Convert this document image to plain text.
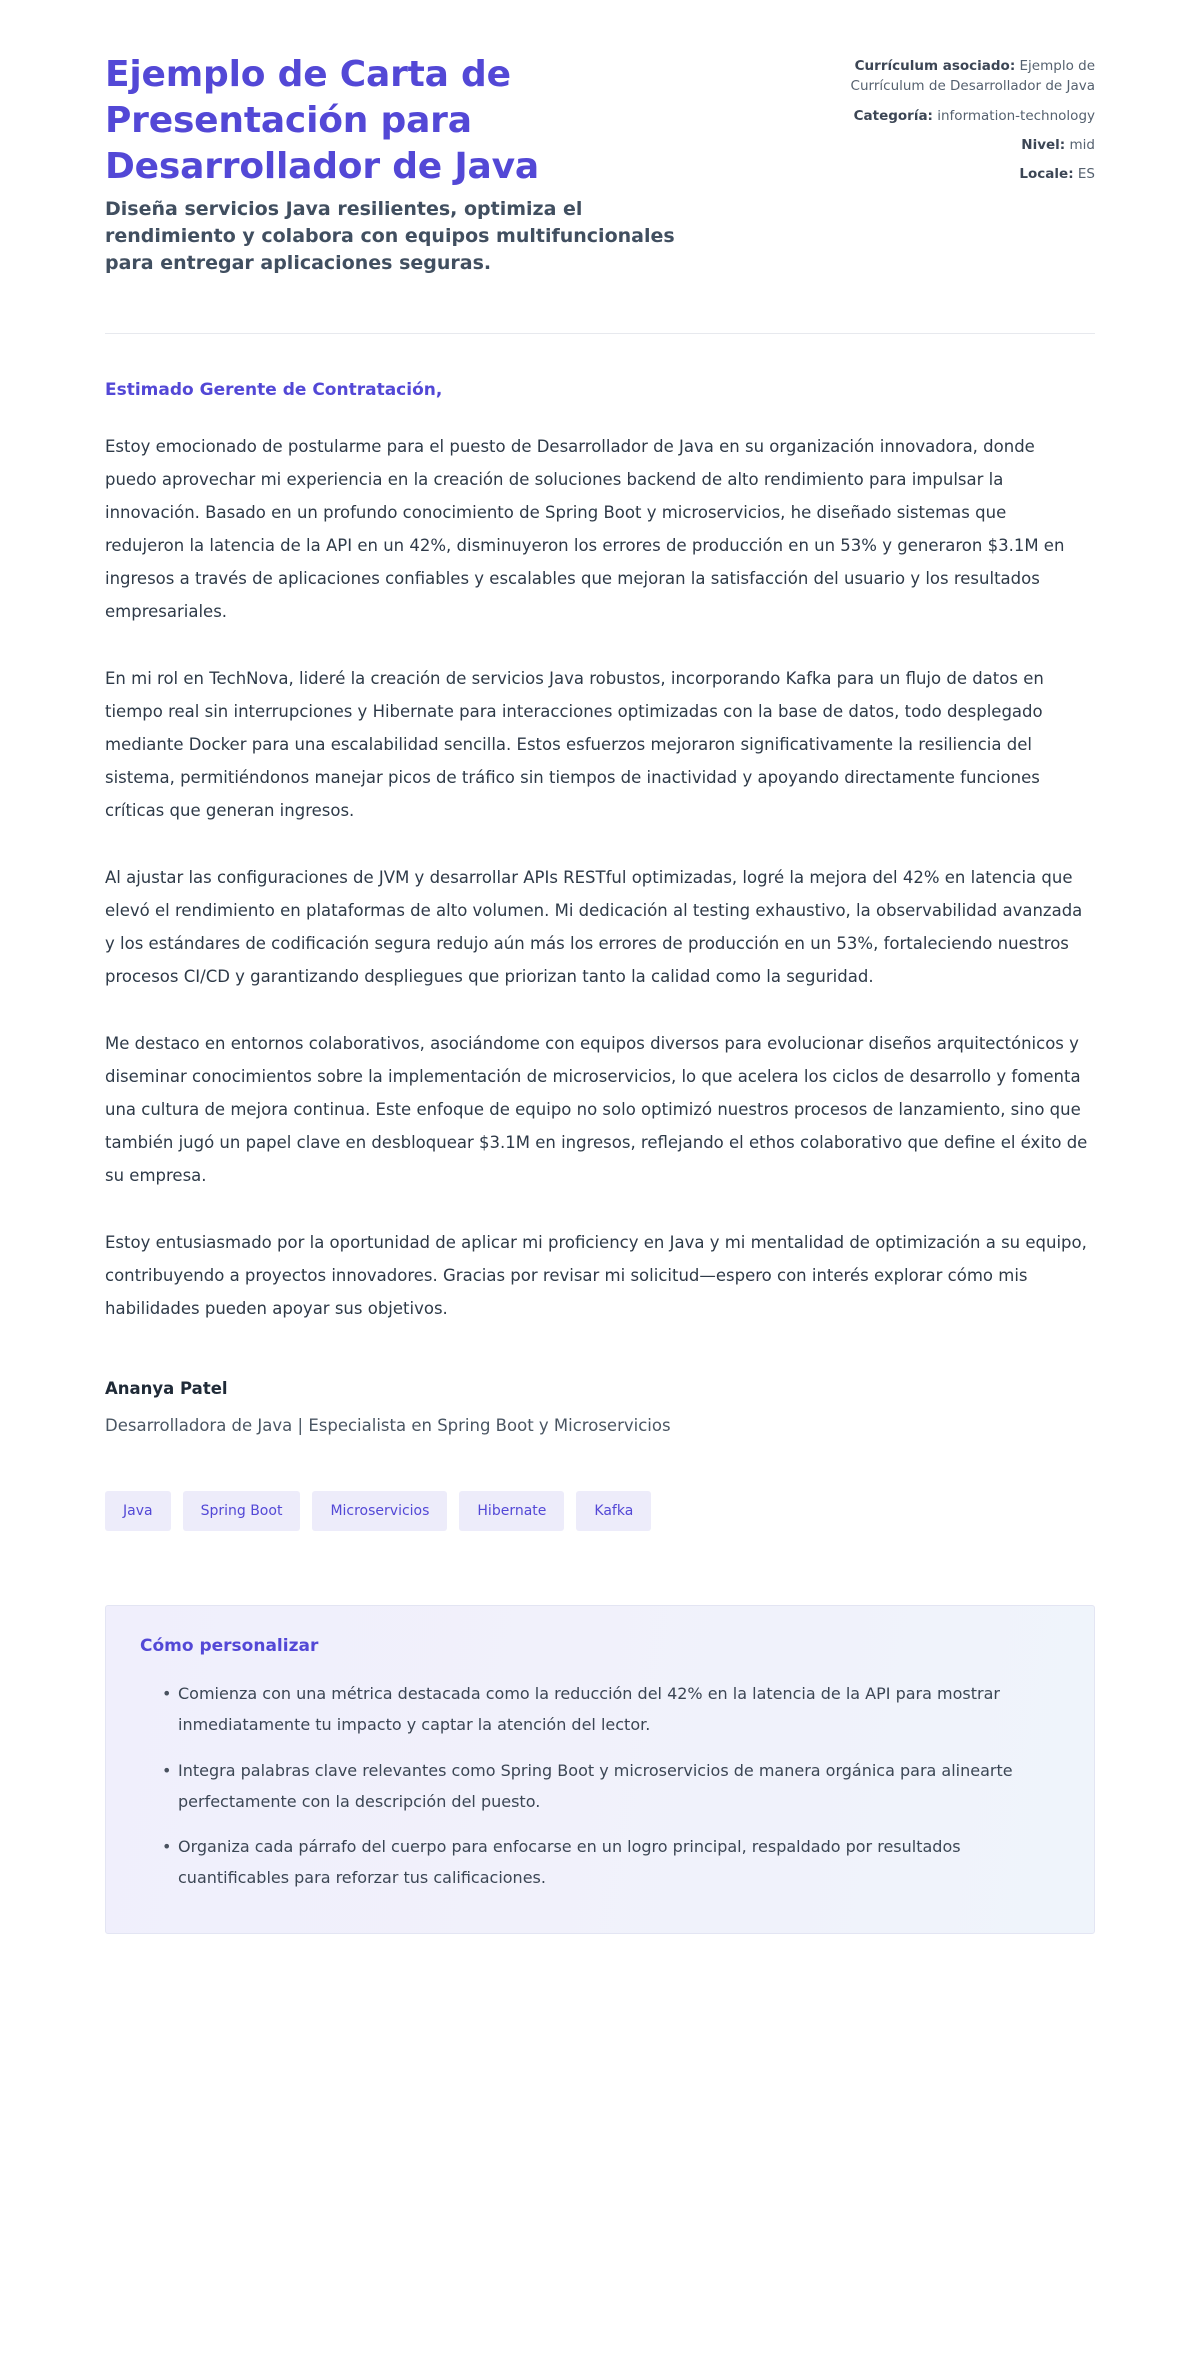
Ejemplo de Carta de Presentación para Desarrollador de Java

Diseña servicios Java resilientes, optimiza el rendimiento y colabora con equipos multifuncionales para entregar aplicaciones seguras.

Currículum asociado: Ejemplo de Currículum de Desarrollador de Java
Categoría: information-technology
Nivel: mid
Locale: ES

Estimado Gerente de Contratación,

Estoy emocionado de postularme para el puesto de Desarrollador de Java en su organización innovadora, donde puedo aprovechar mi experiencia en la creación de soluciones backend de alto rendimiento para impulsar la innovación. Basado en un profundo conocimiento de Spring Boot y microservicios, he diseñado sistemas que redujeron la latencia de la API en un 42%, disminuyeron los errores de producción en un 53% y generaron $3.1M en ingresos a través de aplicaciones confiables y escalables que mejoran la satisfacción del usuario y los resultados empresariales.

En mi rol en TechNova, lideré la creación de servicios Java robustos, incorporando Kafka para un flujo de datos en tiempo real sin interrupciones y Hibernate para interacciones optimizadas con la base de datos, todo desplegado mediante Docker para una escalabilidad sencilla. Estos esfuerzos mejoraron significativamente la resiliencia del sistema, permitiéndonos manejar picos de tráfico sin tiempos de inactividad y apoyando directamente funciones críticas que generan ingresos.

Al ajustar las configuraciones de JVM y desarrollar APIs RESTful optimizadas, logré la mejora del 42% en latencia que elevó el rendimiento en plataformas de alto volumen. Mi dedicación al testing exhaustivo, la observabilidad avanzada y los estándares de codificación segura redujo aún más los errores de producción en un 53%, fortaleciendo nuestros procesos CI/CD y garantizando despliegues que priorizan tanto la calidad como la seguridad.

Me destaco en entornos colaborativos, asociándome con equipos diversos para evolucionar diseños arquitectónicos y diseminar conocimientos sobre la implementación de microservicios, lo que acelera los ciclos de desarrollo y fomenta una cultura de mejora continua. Este enfoque de equipo no solo optimizó nuestros procesos de lanzamiento, sino que también jugó un papel clave en desbloquear $3.1M en ingresos, reflejando el ethos colaborativo que define el éxito de su empresa.

Estoy entusiasmado por la oportunidad de aplicar mi proficiency en Java y mi mentalidad de optimización a su equipo, contribuyendo a proyectos innovadores. Gracias por revisar mi solicitud—espero con interés explorar cómo mis habilidades pueden apoyar sus objetivos.

Ananya Patel

Desarrolladora de Java | Especialista en Spring Boot y Microservicios

Java	Spring Boot	Microservicios	Hibernate	Kafka

Cómo personalizar

• Comienza con una métrica destacada como la reducción del 42% en la latencia de la API para mostrar inmediatamente tu impacto y captar la atención del lector.
• Integra palabras clave relevantes como Spring Boot y microservicios de manera orgánica para alinearte perfectamente con la descripción del puesto.
• Organiza cada párrafo del cuerpo para enfocarse en un logro principal, respaldado por resultados cuantificables para reforzar tus calificaciones.
